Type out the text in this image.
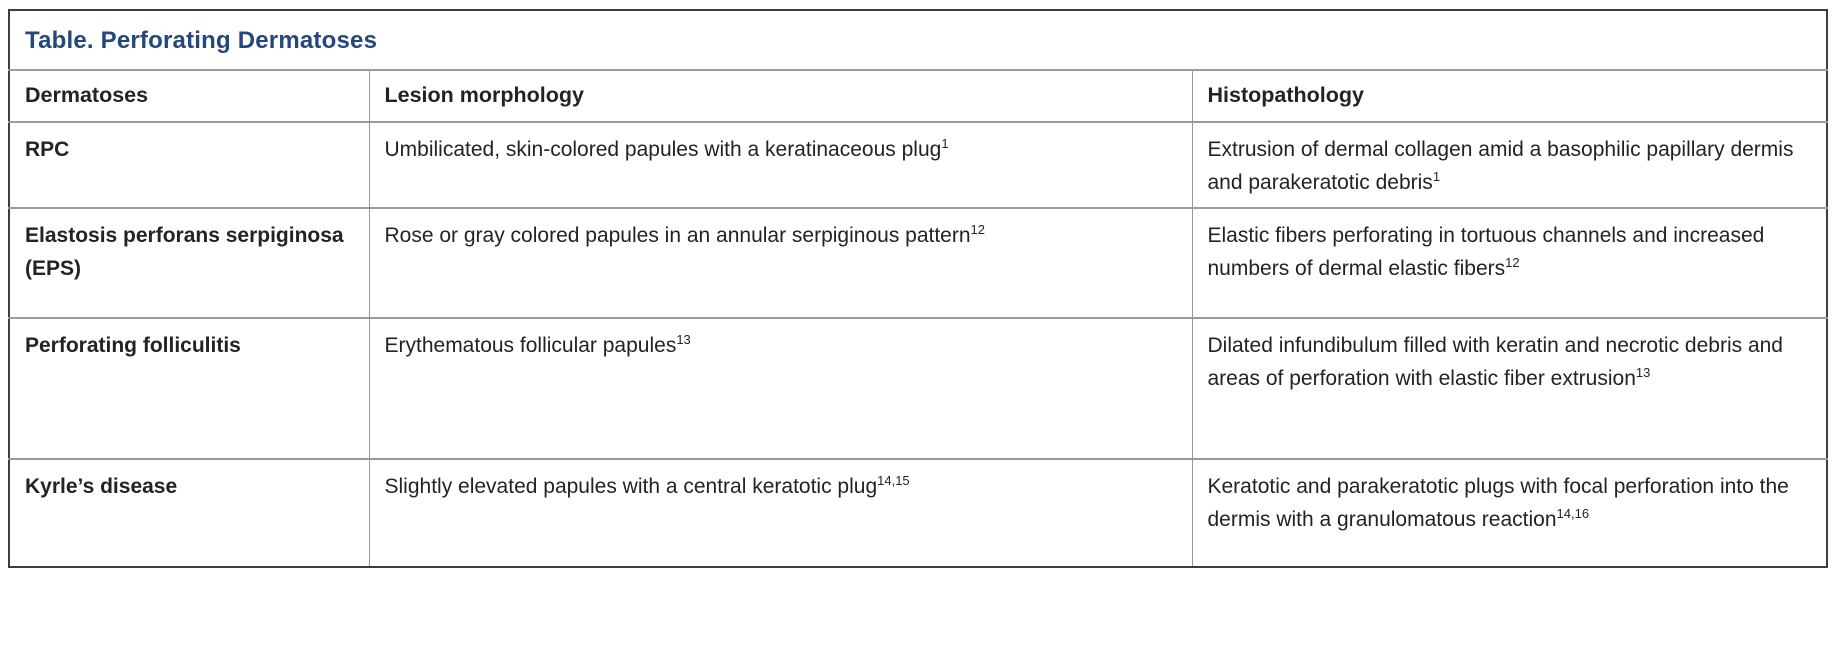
Table. Perforating Dermatoses		
Dermatoses	Lesion morphology	Histopathology
RPC	Umbilicated, skin-colored papules with a keratinaceous plug$^1$	Extrusion of dermal collagen amid a basophilic papillary dermis and parakeratotic debris$^1$
Elastosis perforans serpiginosa (EPS)	Rose or gray colored papules in an annular serpiginous pattern$^{12}$	Elastic fibers perforating in tortuous channels and increased numbers of dermal elastic fibers$^{12}$
Perforating folliculitis	Erythematous follicular papules$^{13}$	Dilated infundibulum filled with keratin and necrotic debris and areas of perforation with elastic fiber extrusion$^{13}$
Kyrle’s disease	Slightly elevated papules with a central keratotic plug$^{14,15}$	Keratotic and parakeratotic plugs with focal perforation into the dermis with a granulomatous reaction$^{14,16}$
